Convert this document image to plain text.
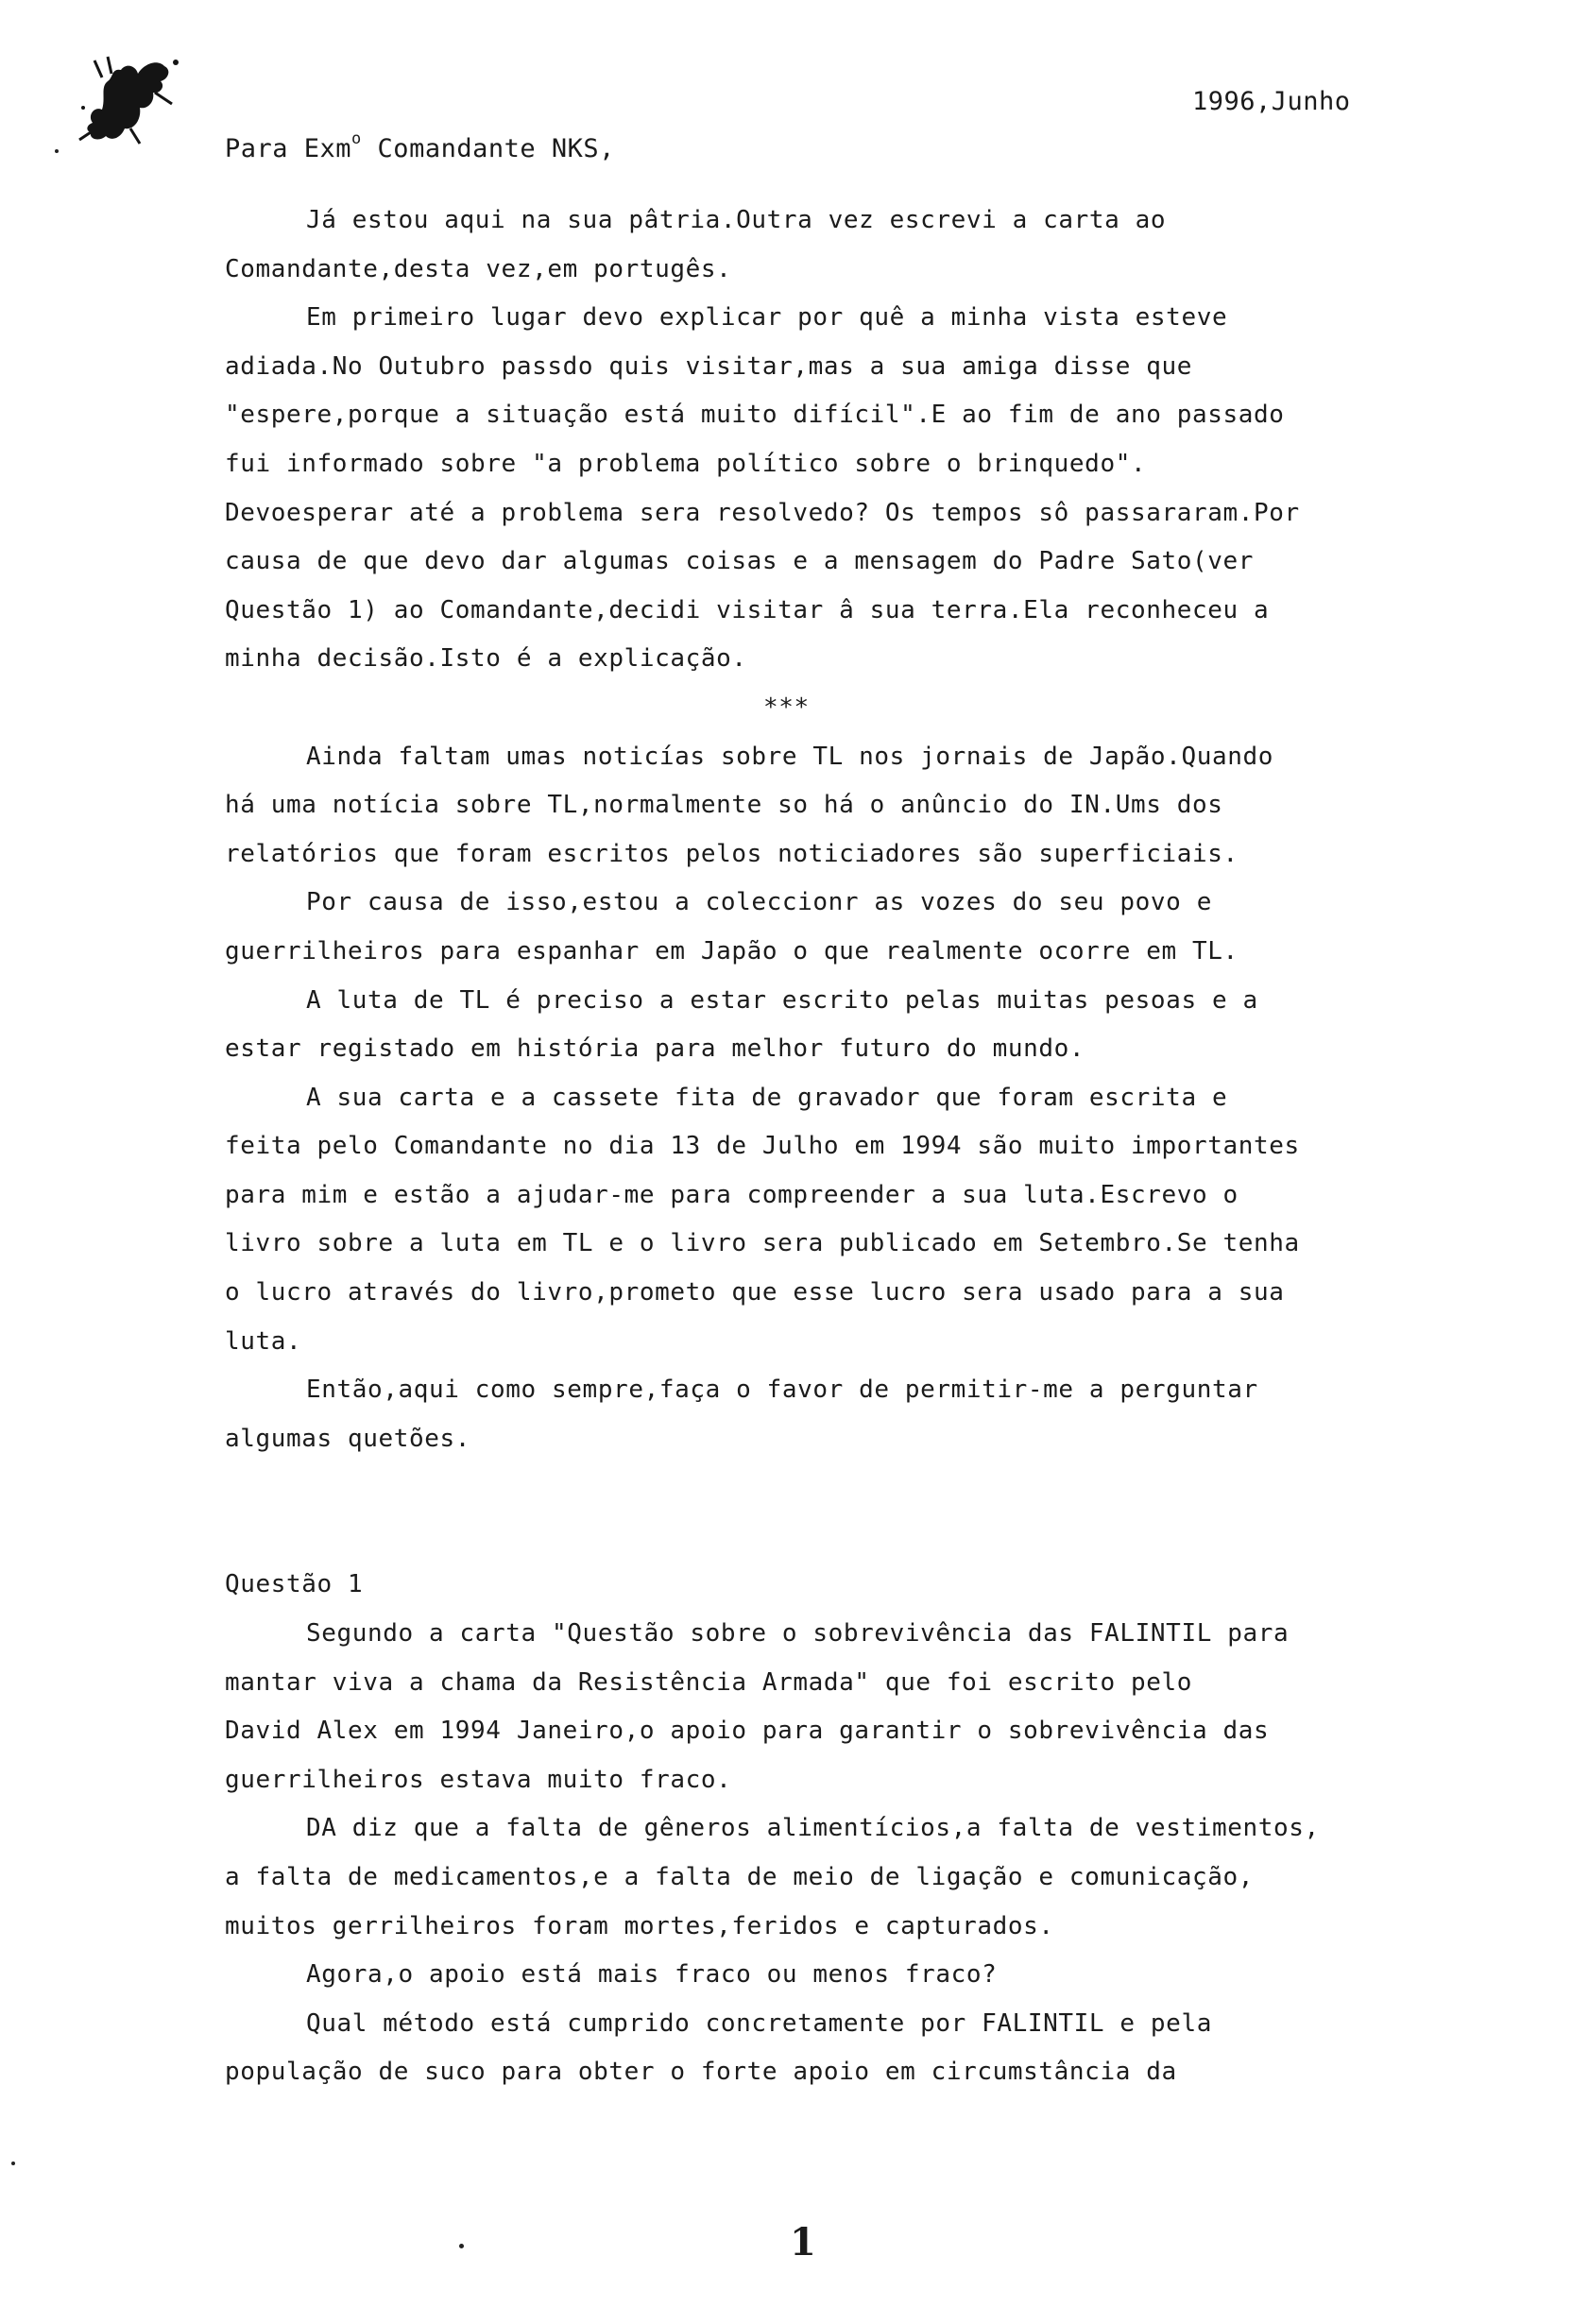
1996,Junho
Para Exm$^o$ Comandante NKS,
Já estou aqui na sua pâtria.Outra vez escrevi a carta ao
Comandante,desta vez,em portugês.
Em primeiro lugar devo explicar por quê a minha vista esteve
adiada.No Outubro passdo quis visitar,mas a sua amiga disse que
"espere,porque a situação está muito difícil".E ao fim de ano passado
fui informado sobre "a problema político sobre o brinquedo".
Devoesperar até a problema sera resolvedo? Os tempos sô passararam.Por
causa de que devo dar algumas coisas e a mensagem do Padre Sato(ver
Questão 1) ao Comandante,decidi visitar â sua terra.Ela reconheceu a
minha decisão.Isto é a explicação.
***
Ainda faltam umas noticías sobre TL nos jornais de Japão.Quando
há uma notícia sobre TL,normalmente so há o anûncio do IN.Ums dos
relatórios que foram escritos pelos noticiadores são superficiais.
Por causa de isso,estou a coleccionr as vozes do seu povo e
guerrilheiros para espanhar em Japão o que realmente ocorre em TL.
A luta de TL é preciso a estar escrito pelas muitas pesoas e a
estar registado em história para melhor futuro do mundo.
A sua carta e a cassete fita de gravador que foram escrita e
feita pelo Comandante no dia 13 de Julho em 1994 são muito importantes
para mim e estão a ajudar-me para compreender a sua luta.Escrevo o
livro sobre a luta em TL e o livro sera publicado em Setembro.Se tenha
o lucro através do livro,prometo que esse lucro sera usado para a sua
luta.
Então,aqui como sempre,faça o favor de permitir-me a perguntar
algumas quetões.
Questão 1
Segundo a carta "Questão sobre o sobrevivência das FALINTIL para
mantar viva a chama da Resistência Armada" que foi escrito pelo
David Alex em 1994 Janeiro,o apoio para garantir o sobrevivência das
guerrilheiros estava muito fraco.
DA diz que a falta de gêneros alimentícios,a falta de vestimentos,
a falta de medicamentos,e a falta de meio de ligação e comunicação,
muitos gerrilheiros foram mortes,feridos e capturados.
Agora,o apoio está mais fraco ou menos fraco?
Qual método está cumprido concretamente por FALINTIL e pela
população de suco para obter o forte apoio em circumstância da
1
